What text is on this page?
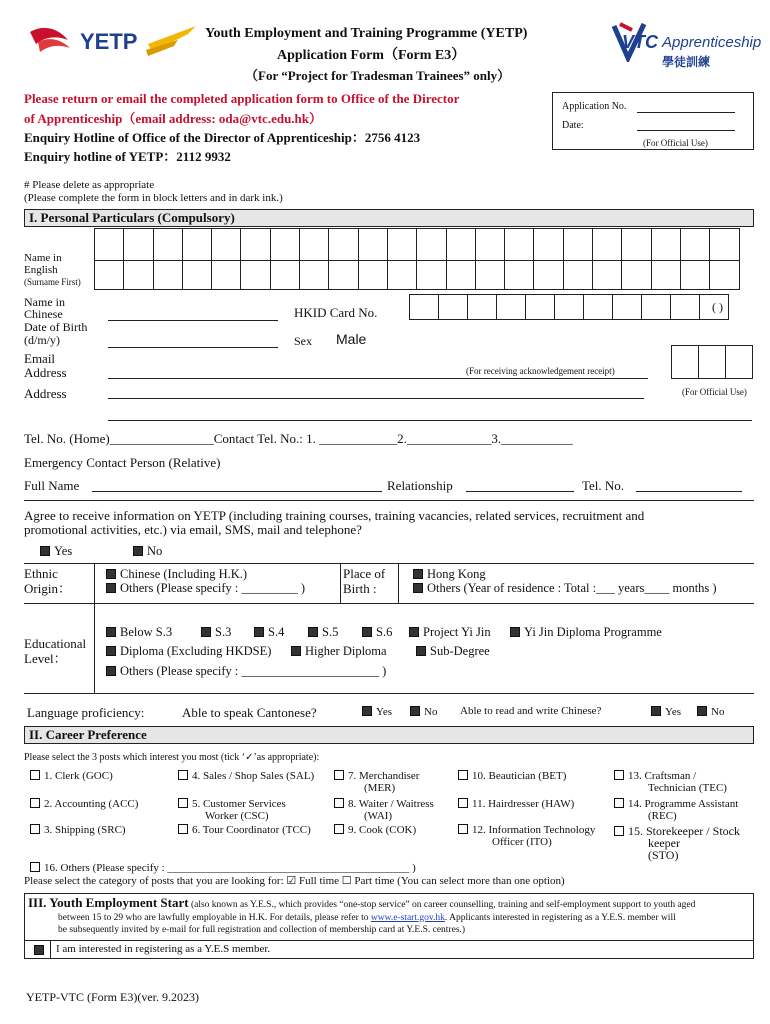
YETP	Youth Employment and Training Programme (YETP)
Application Form（Form E3）
（For “Project for Tradesman Trainees” only）
VTC Apprenticeship
學徒訓練
Please return or email the completed application form to Office of the Director
of Apprenticeship（email address: oda@vtc.edu.hk）
Enquiry Hotline of Office of the Director of Apprenticeship：2756 4123
Enquiry hotline of YETP：2112 9932
Application No.
Date:
(For Official Use)
# Please delete as appropriate
(Please complete the form in block letters and in dark ink.)
I. Personal Particulars (Compulsory)
Name in
English
(Surname First)
Name in
Chinese	HKID Card No.	( )
Date of Birth
(d/m/y)	Sex Male
Email
Address	(For receiving acknowledgement receipt)
Address	(For Official Use)
Tel. No. (Home)________________Contact Tel. No.: 1. ____________2._____________3.___________
Emergency Contact Person (Relative)
Full Name	Relationship	Tel. No.
Agree to receive information on YETP (including training courses, training vacancies, related services, recruitment and
promotional activities, etc.) via email, SMS, mail and telephone?
Yes	No
Ethnic
Origin：
Chinese (Including H.K.)
Others (Please specify : _________ )
Place of
Birth :
Hong Kong
Others (Year of residence : Total :___ years____ months )
Educational
Level：
Below S.3	S.3	S.4	S.5	S.6	Project Yi Jin	Yi Jin Diploma Programme
Diploma (Excluding HKDSE)	Higher Diploma	Sub-Degree
Others (Please specify : ______________________ )
Language proficiency:	Able to speak Cantonese?	Yes	No Able to read and write Chinese?	Yes	No
II. Career Preference
Please select the 3 posts which interest you most (tick ‘✓’as appropriate):
1. Clerk (GOC)
2. Accounting (ACC)
3. Shipping (SRC)
4. Sales / Shop Sales (SAL)
5. Customer Services
Worker (CSC)
6. Tour Coordinator (TCC)
7. Merchandiser
(MER)
8. Waiter / Waitress
(WAI)
9. Cook (COK)
10. Beautician (BET)
11. Hairdresser (HAW)
12. Information Technology
Officer (ITO)
13. Craftsman /
Technician (TEC)
14. Programme Assistant
(REC)
15. Storekeeper / Stock
keeper
(STO)
16. Others (Please specify : ____________________________________________ )
Please select the category of posts that you are looking for: ☑ Full time ☐ Part time (You can select more than one option)
III. Youth Employment Start (also known as Y.E.S., which provides “one-stop service” on career counselling, training and self-employment support to youth aged
between 15 to 29 who are lawfully employable in H.K. For details, please refer to www.e-start.gov.hk. Applicants interested in registering as a Y.E.S. member will
be subsequently invited by e-mail for full registration and collection of membership card at Y.E.S. centres.)
I am interested in registering as a Y.E.S member.
YETP-VTC (Form E3)(ver. 9.2023)
